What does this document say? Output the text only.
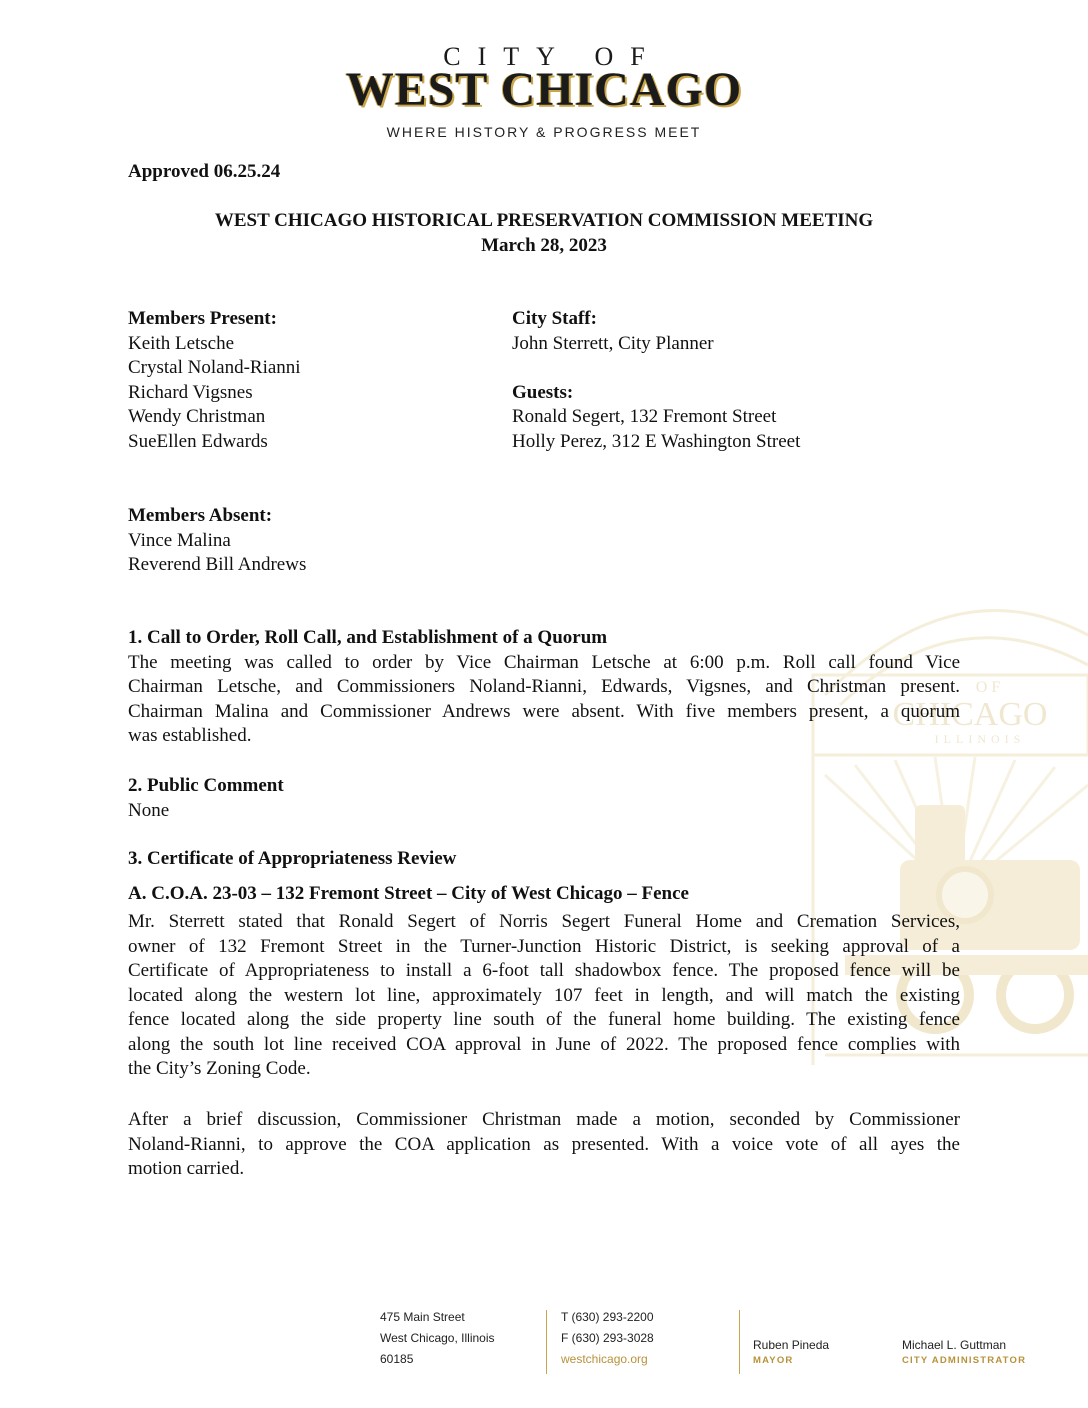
CITY OF
WEST CHICAGO
WHERE HISTORY & PROGRESS MEET
OF
CHICAGO
ILLINOIS
Approved 06.25.24
WEST CHICAGO HISTORICAL PRESERVATION COMMISSION MEETING
March 28, 2023
Members Present:
Keith Letsche
Crystal Noland-Rianni
Richard Vigsnes
Wendy Christman
SueEllen Edwards
City Staff:
John Sterrett, City Planner
Guests:
Ronald Segert, 132 Fremont Street
Holly Perez, 312 E Washington Street
Members Absent:
Vince Malina
Reverend Bill Andrews
1. Call to Order, Roll Call, and Establishment of a Quorum
The meeting was called to order by Vice Chairman Letsche at 6:00 p.m. Roll call found Vice
Chairman Letsche, and Commissioners Noland-Rianni, Edwards, Vigsnes, and Christman present.
Chairman Malina and Commissioner Andrews were absent. With five members present, a quorum
was established.
2. Public Comment
None
3. Certificate of Appropriateness Review
A. C.O.A. 23-03 – 132 Fremont Street – City of West Chicago – Fence
Mr. Sterrett stated that Ronald Segert of Norris Segert Funeral Home and Cremation Services,
owner of 132 Fremont Street in the Turner-Junction Historic District, is seeking approval of a
Certificate of Appropriateness to install a 6-foot tall shadowbox fence. The proposed fence will be
located along the western lot line, approximately 107 feet in length, and will match the existing
fence located along the side property line south of the funeral home building. The existing fence
along the south lot line received COA approval in June of 2022. The proposed fence complies with
the City’s Zoning Code.
After a brief discussion, Commissioner Christman made a motion, seconded by Commissioner
Noland-Rianni, to approve the COA application as presented. With a voice vote of all ayes the
motion carried.
475 Main Street
West Chicago, Illinois
60185
T (630) 293-2200
F (630) 293-3028
westchicago.org
Ruben Pineda
MAYOR
Michael L. Guttman
CITY ADMINISTRATOR
